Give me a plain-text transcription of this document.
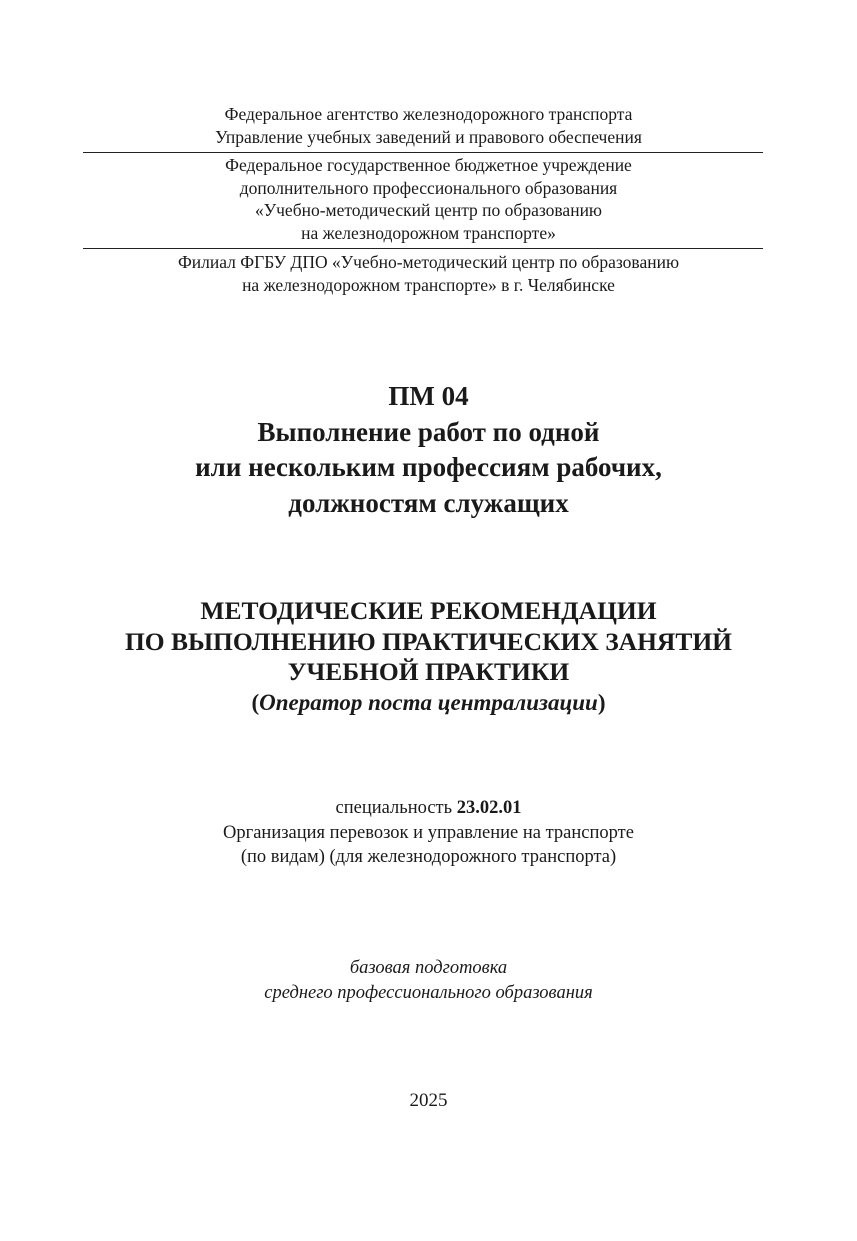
Федеральное агентство железнодорожного транспорта
Управление учебных заведений и правового обеспечения
Федеральное государственное бюджетное учреждение
дополнительного профессионального образования
«Учебно-методический центр по образованию
на железнодорожном транспорте»
Филиал ФГБУ ДПО «Учебно-методический центр по образованию
на железнодорожном транспорте» в г. Челябинске
ПМ 04
Выполнение работ по одной
или нескольким профессиям рабочих,
должностям служащих
МЕТОДИЧЕСКИЕ РЕКОМЕНДАЦИИ
ПО ВЫПОЛНЕНИЮ ПРАКТИЧЕСКИХ ЗАНЯТИЙ
УЧЕБНОЙ ПРАКТИКИ
(Оператор поста централизации)
специальность 23.02.01
Организация перевозок и управление на транспорте
(по видам) (для железнодорожного транспорта)
базовая подготовка
среднего профессионального образования
2025
